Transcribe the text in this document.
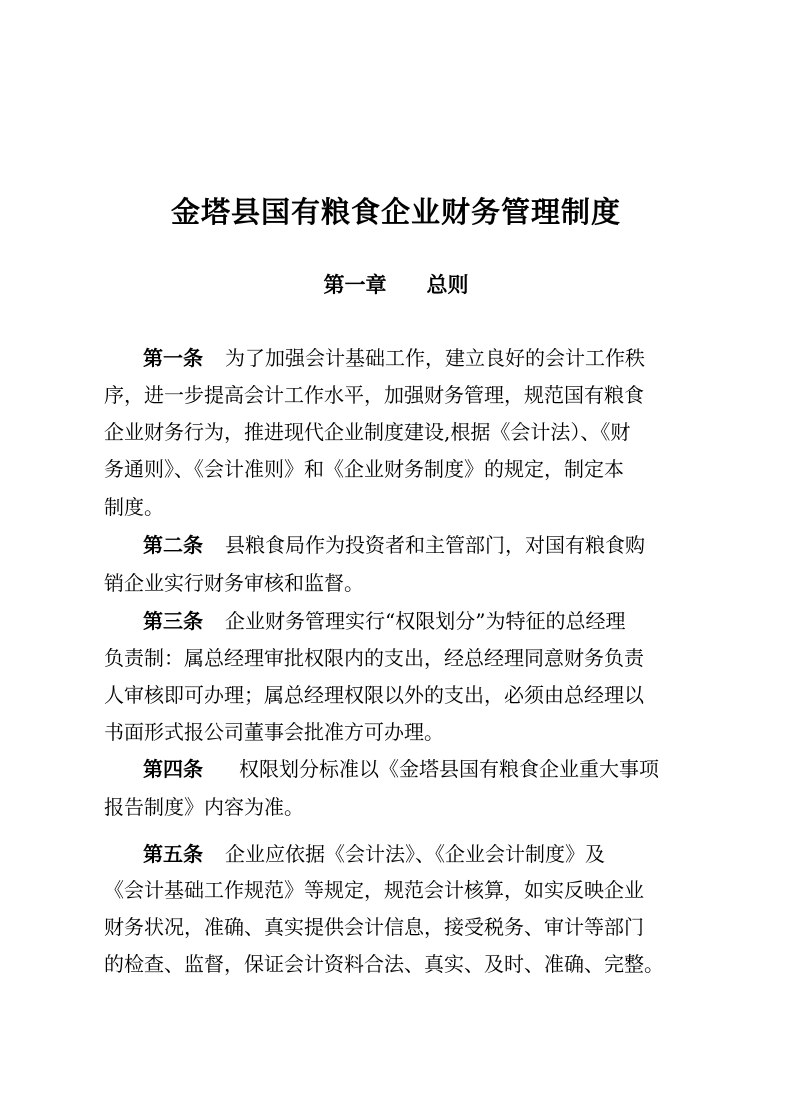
金塔县国有粮食企业财务管理制度
第一章 总则
第一条 为了加强会计基础工作，建立良好的会计工作秩
序，进一步提高会计工作水平，加强财务管理，规范国有粮食
企业财务行为，推进现代企业制度建设,根据《会计法）、《财
务通则》、《会计准则》和《企业财务制度》的规定，制定本
制度。
第二条 县粮食局作为投资者和主管部门，对国有粮食购
销企业实行财务审核和监督。
第三条 企业财务管理实行“权限划分”为特征的总经理
负责制：属总经理审批权限内的支出，经总经理同意财务负责
人审核即可办理；属总经理权限以外的支出，必须由总经理以
书面形式报公司董事会批准方可办理。
第四条 权限划分标准以《金塔县国有粮食企业重大事项
报告制度》内容为准。
第五条 企业应依据《会计法》、《企业会计制度》及
《会计基础工作规范》等规定，规范会计核算，如实反映企业
财务状况，准确、真实提供会计信息，接受税务、审计等部门
的检查、监督，保证会计资料合法、真实、及时、准确、完整。
